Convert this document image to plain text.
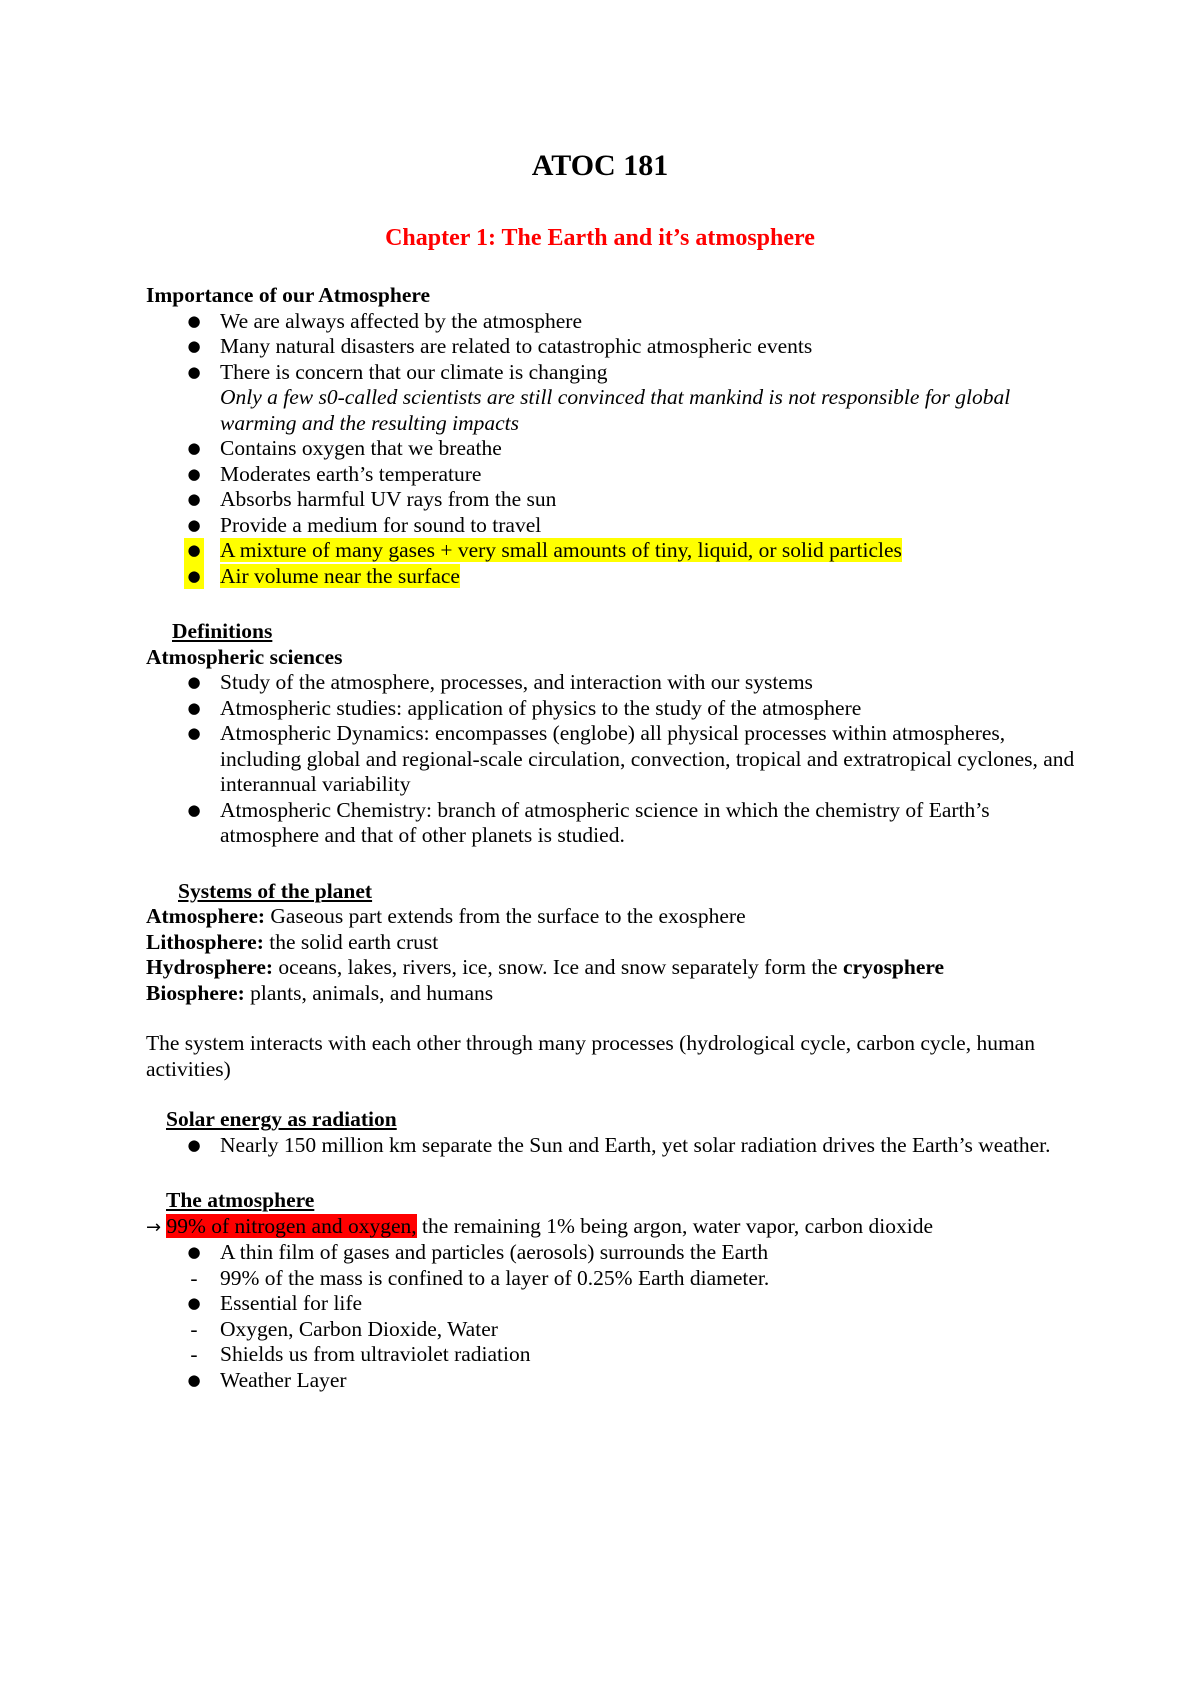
ATOC 181
Chapter 1: The Earth and it’s atmosphere
Importance of our Atmosphere
● We are always affected by the atmosphere
● Many natural disasters are related to catastrophic atmospheric events
● There is concern that our climate is changing
Only a few s0-called scientists are still convinced that mankind is not responsible for global warming and the resulting impacts
● Contains oxygen that we breathe
● Moderates earth’s temperature
● Absorbs harmful UV rays from the sun
● Provide a medium for sound to travel
● A mixture of many gases + very small amounts of tiny, liquid, or solid particles
● Air volume near the surface
Definitions
Atmospheric sciences
● Study of the atmosphere, processes, and interaction with our systems
● Atmospheric studies: application of physics to the study of the atmosphere
● Atmospheric Dynamics: encompasses (englobe) all physical processes within atmospheres, including global and regional-scale circulation, convection, tropical and extratropical cyclones, and interannual variability
● Atmospheric Chemistry: branch of atmospheric science in which the chemistry of Earth’s atmosphere and that of other planets is studied.
Systems of the planet
Atmosphere: Gaseous part extends from the surface to the exosphere
Lithosphere: the solid earth crust
Hydrosphere: oceans, lakes, rivers, ice, snow. Ice and snow separately form the cryosphere
Biosphere: plants, animals, and humans
The system interacts with each other through many processes (hydrological cycle, carbon cycle, human activities)
Solar energy as radiation
● Nearly 150 million km separate the Sun and Earth, yet solar radiation drives the Earth’s weather.
The atmosphere
→ 99% of nitrogen and oxygen, the remaining 1% being argon, water vapor, carbon dioxide
● A thin film of gases and particles (aerosols) surrounds the Earth
- 99% of the mass is confined to a layer of 0.25% Earth diameter.
● Essential for life
- Oxygen, Carbon Dioxide, Water
- Shields us from ultraviolet radiation
● Weather Layer
